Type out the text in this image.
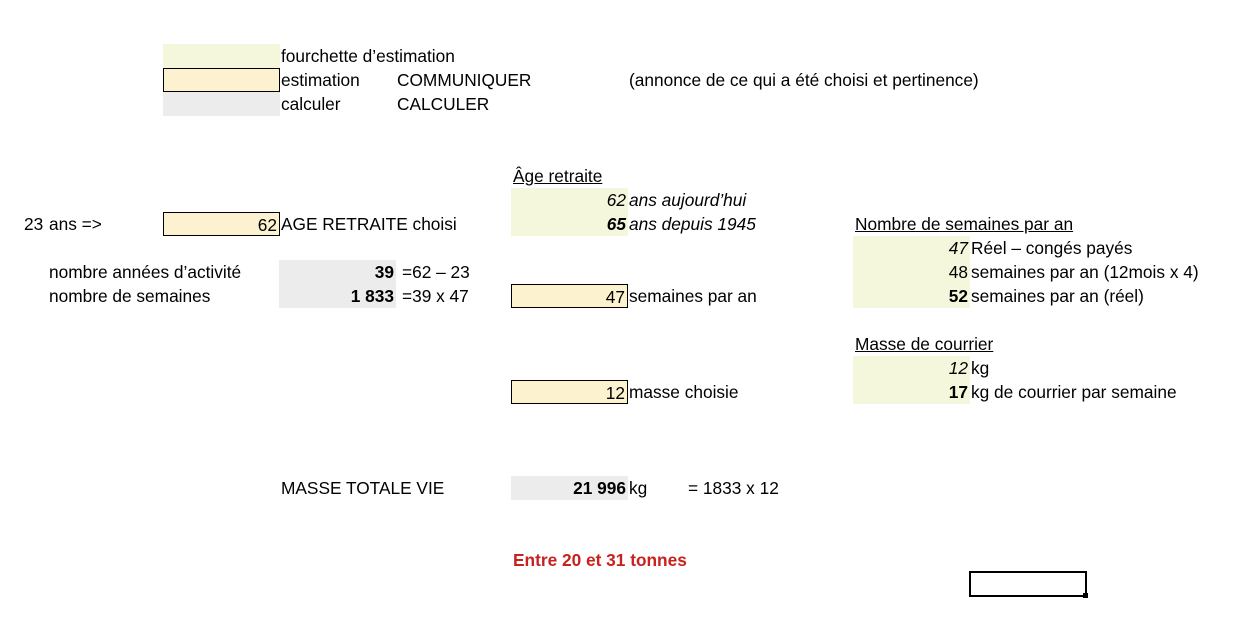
fourchette d’estimation
estimation COMMUNIQUER	(annonce de ce qui a été choisi et pertinence)
calculer	CALCULER
Âge retraite
62 ans aujourd’hui
65 ans depuis 1945
23 ans =>	62 AGE RETRAITE choisi	Nombre de semaines par an
47 Réel – congés payés
48 semaines par an (12mois x 4)
52 semaines par an (réel)
nombre années d’activité	39 =62 – 23
nombre de semaines	1 833 =39 x 47	47 semaines par an
Masse de courrier
12 kg
17 kg de courrier par semaine
12 masse choisie
MASSE TOTALE VIE	21 996 kg = 1833 x 12
Entre 20 et 31 tonnes
